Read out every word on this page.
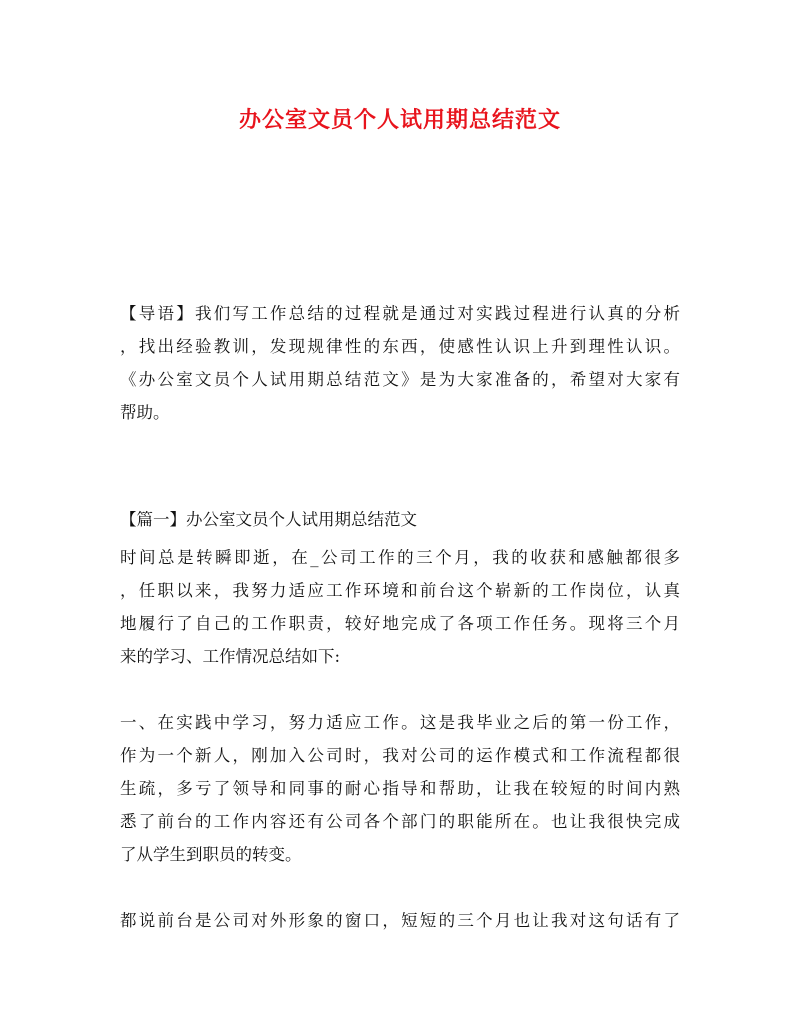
办公室文员个人试用期总结范文

【导语】我们写工作总结的过程就是通过对实践过程进行认真的分析
，找出经验教训，发现规律性的东西，使感性认识上升到理性认识。
《办公室文员个人试用期总结范文》是为大家准备的，希望对大家有
帮助。

【篇一】办公室文员个人试用期总结范文

时间总是转瞬即逝，在_公司工作的三个月，我的收获和感触都很多
，任职以来，我努力适应工作环境和前台这个崭新的工作岗位，认真
地履行了自己的工作职责，较好地完成了各项工作任务。现将三个月
来的学习、工作情况总结如下:

一、在实践中学习，努力适应工作。这是我毕业之后的第一份工作，
作为一个新人，刚加入公司时，我对公司的运作模式和工作流程都很
生疏，多亏了领导和同事的耐心指导和帮助，让我在较短的时间内熟
悉了前台的工作内容还有公司各个部门的职能所在。也让我很快完成
了从学生到职员的转变。

都说前台是公司对外形象的窗口，短短的三个月也让我对这句话有了
